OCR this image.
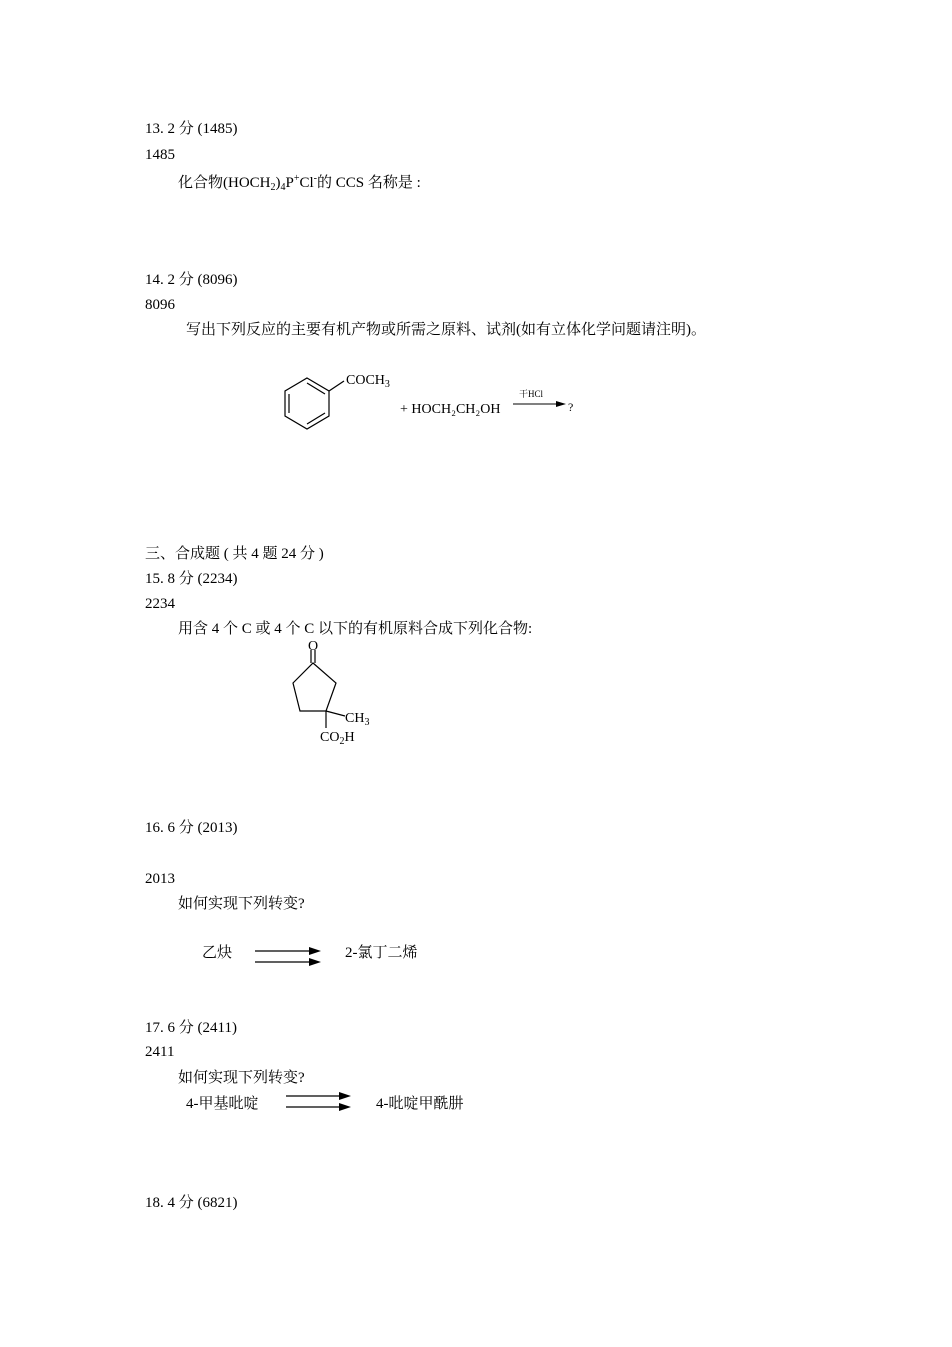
13. 2 分 (1485)
1485
化合物$(HOCH_2)_4P^+Cl^-$的 CCS 名称是 :
14. 2 分 (8096)
8096
写出下列反应的主要有机产物或所需之原料、试剂(如有立体化学问题请注明)。
$COCH_3$
+ HOCH₂CH₂OH
干HCl
?
三、合成题 ( 共 4 题 24 分 )
15. 8 分 (2234)
2234
用含 4 个 C 或 4 个 C 以下的有机原料合成下列化合物:
O
$CH_3$
$CO_2H$
16. 6 分 (2013)
2013
如何实现下列转变?
乙炔	2-氯丁二烯
17. 6 分 (2411)
2411
如何实现下列转变?
4-甲基吡啶	4-吡啶甲酰肼
18. 4 分 (6821)
